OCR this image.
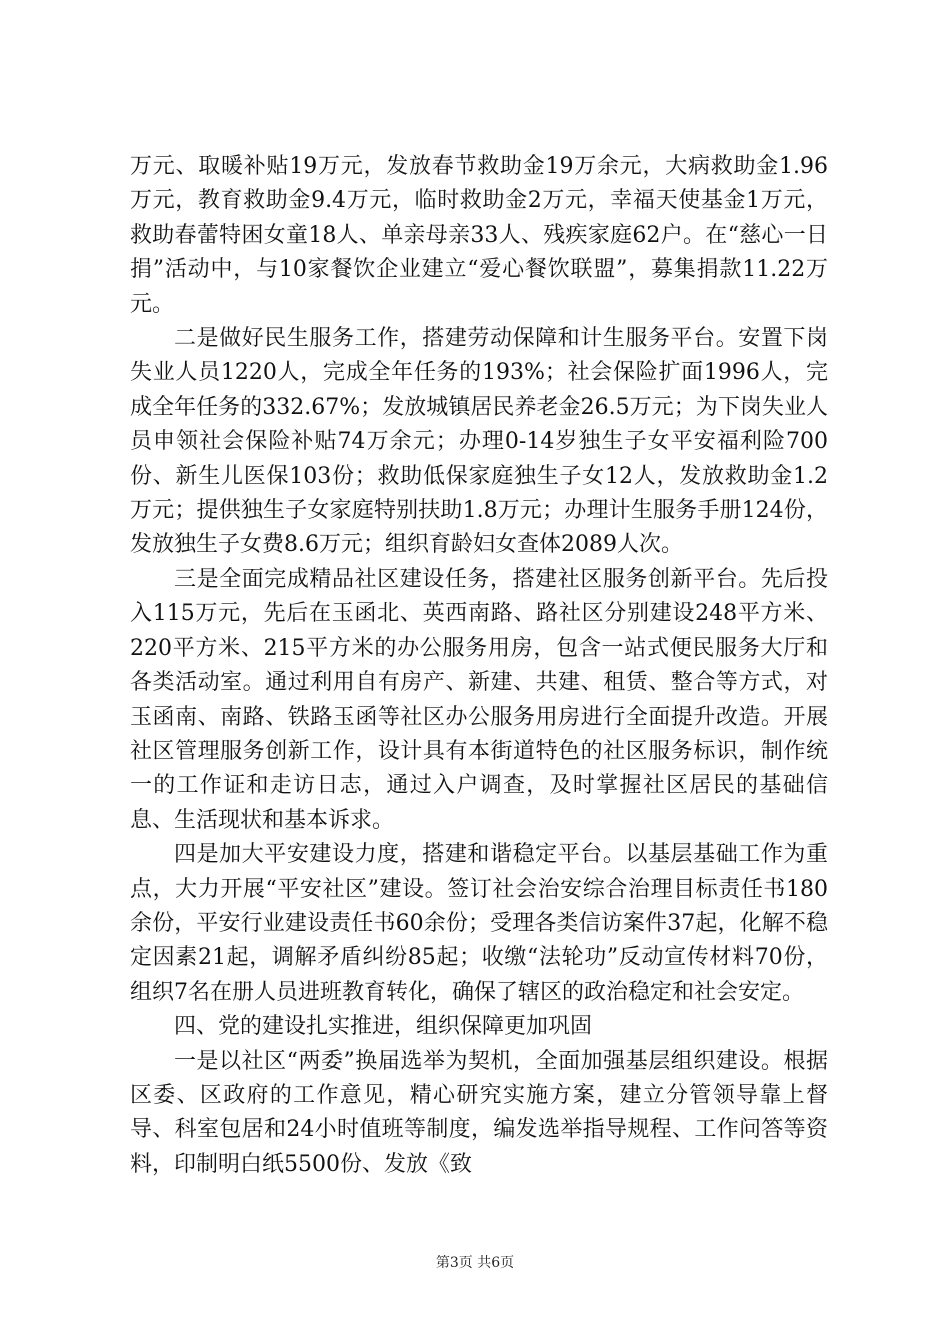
万元、取暖补贴19万元，发放春节救助金19万余元，大病救助金1.96万元，教育救助金9.4万元，临时救助金2万元，幸福天使基金1万元，救助春蕾特困女童18人、单亲母亲33人、残疾家庭62户。在“慈心一日捐”活动中，与10家餐饮企业建立“爱心餐饮联盟”，募集捐款11.22万元。

二是做好民生服务工作，搭建劳动保障和计生服务平台。安置下岗失业人员1220人，完成全年任务的193%；社会保险扩面1996人，完成全年任务的332.67%；发放城镇居民养老金26.5万元；为下岗失业人员申领社会保险补贴74万余元；办理0-14岁独生子女平安福利险700份、新生儿医保103份；救助低保家庭独生子女12人，发放救助金1.2万元；提供独生子女家庭特别扶助1.8万元；办理计生服务手册124份，发放独生子女费8.6万元；组织育龄妇女查体2089人次。

三是全面完成精品社区建设任务，搭建社区服务创新平台。先后投入115万元，先后在玉函北、英西南路、路社区分别建设248平方米、220平方米、215平方米的办公服务用房，包含一站式便民服务大厅和各类活动室。通过利用自有房产、新建、共建、租赁、整合等方式，对玉函南、南路、铁路玉函等社区办公服务用房进行全面提升改造。开展社区管理服务创新工作，设计具有本街道特色的社区服务标识，制作统一的工作证和走访日志，通过入户调查，及时掌握社区居民的基础信息、生活现状和基本诉求。

四是加大平安建设力度，搭建和谐稳定平台。以基层基础工作为重点，大力开展“平安社区”建设。签订社会治安综合治理目标责任书180余份，平安行业建设责任书60余份；受理各类信访案件37起，化解不稳定因素21起，调解矛盾纠纷85起；收缴“法轮功”反动宣传材料70份，组织7名在册人员进班教育转化，确保了辖区的政治稳定和社会安定。

四、党的建设扎实推进，组织保障更加巩固

一是以社区“两委”换届选举为契机，全面加强基层组织建设。根据区委、区政府的工作意见，精心研究实施方案，建立分管领导靠上督导、科室包居和24小时值班等制度，编发选举指导规程、工作问答等资料，印制明白纸5500份、发放《致

第3页 共6页
